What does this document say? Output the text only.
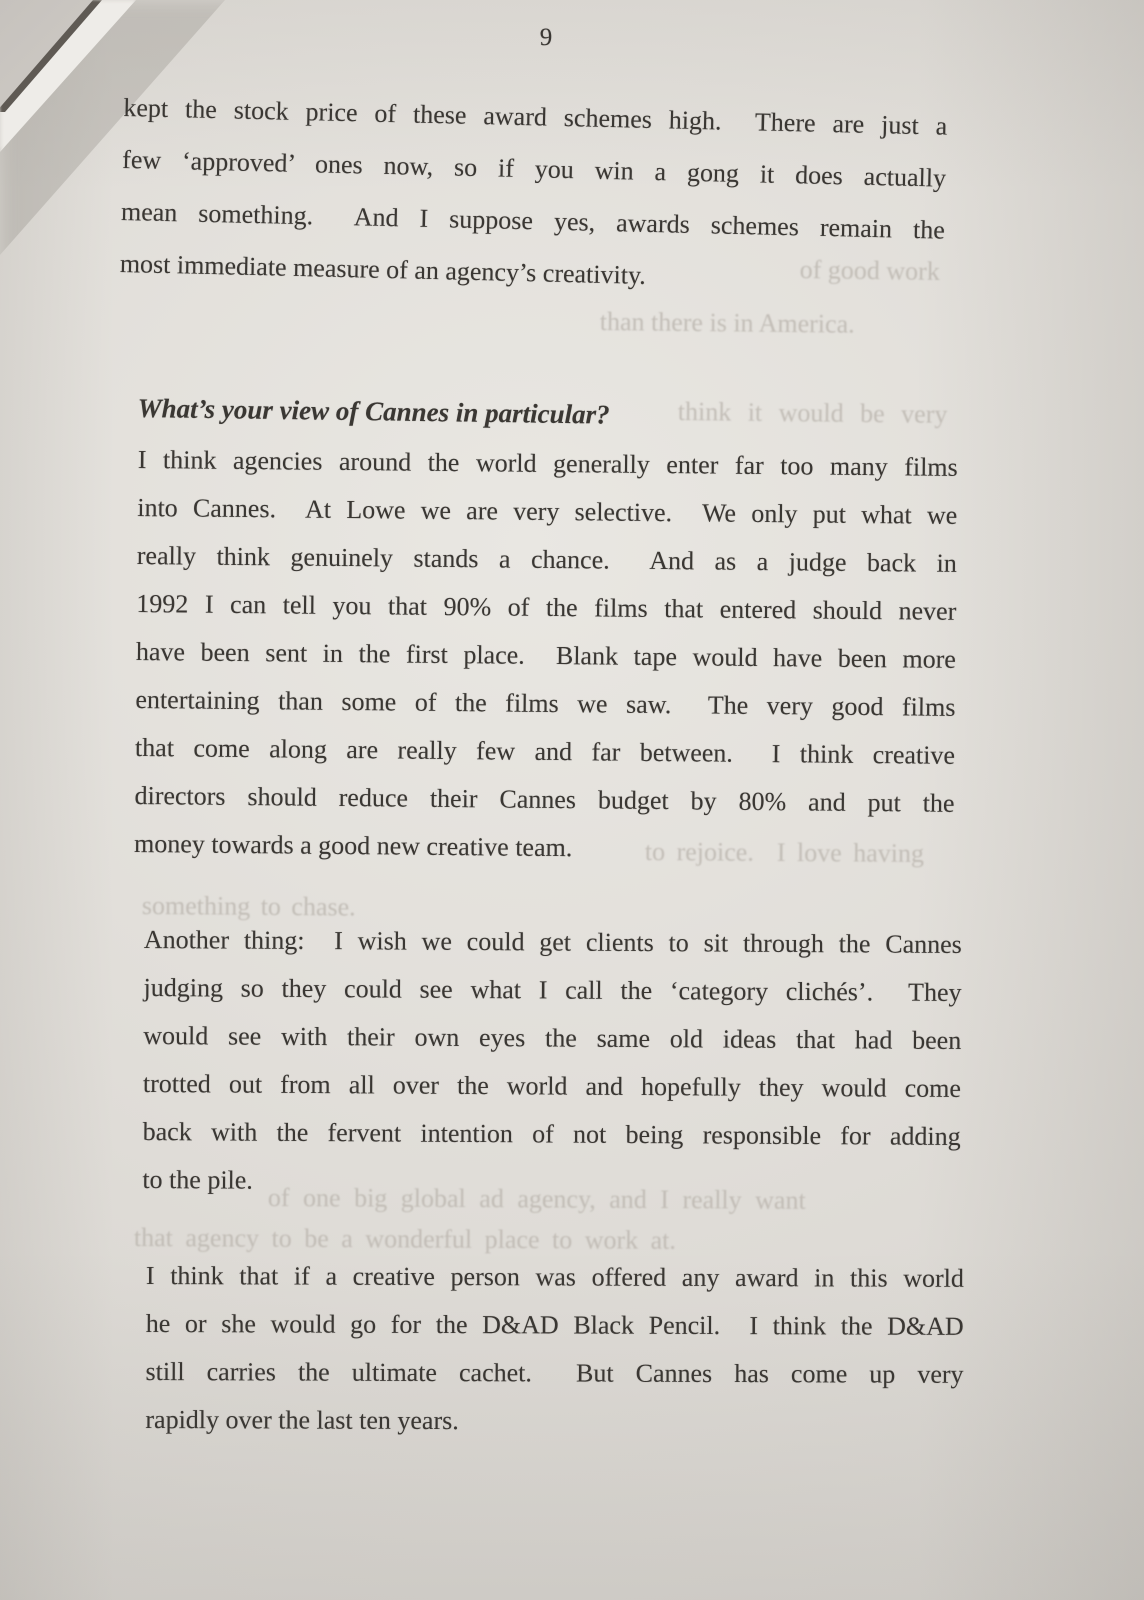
of good work
than there is in America.
think it would be very
to rejoice.  I love having
something to chase.
of one big global ad agency, and I really want
that agency to be a wonderful place to work at.
9
kept the stock price of these award schemes high.  There are just a
few ‘approved’ ones now, so if you win a gong it does actually
mean something.  And I suppose yes, awards schemes remain the
most immediate measure of an agency’s creativity.
What’s your view of Cannes in particular?
I think agencies around the world generally enter far too many films
into Cannes.  At Lowe we are very selective.  We only put what we
really think genuinely stands a chance.  And as a judge back in
1992 I can tell you that 90% of the films that entered should never
have been sent in the first place.  Blank tape would have been more
entertaining than some of the films we saw.  The very good films
that come along are really few and far between.  I think creative
directors should reduce their Cannes budget by 80% and put the
money towards a good new creative team.
Another thing:  I wish we could get clients to sit through the Cannes
judging so they could see what I call the ‘category clichés’.  They
would see with their own eyes the same old ideas that had been
trotted out from all over the world and hopefully they would come
back with the fervent intention of not being responsible for adding
to the pile.
I think that if a creative person was offered any award in this world
he or she would go for the D&AD Black Pencil.  I think the D&AD
still carries the ultimate cachet.  But Cannes has come up very
rapidly over the last ten years.
